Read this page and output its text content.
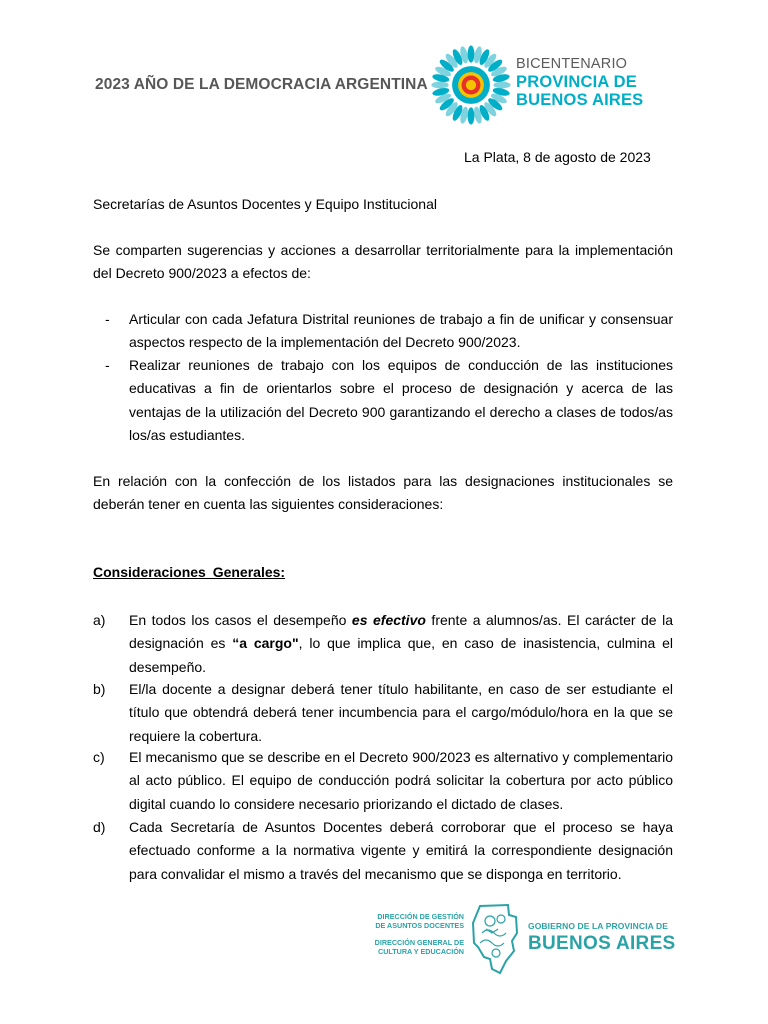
2023 AÑO DE LA DEMOCRACIA ARGENTINA
BICENTENARIO
PROVINCIA DE
BUENOS AIRES
La Plata, 8 de agosto de 2023
Secretarías de Asuntos Docentes y Equipo Institucional
Se comparten sugerencias y acciones a desarrollar territorialmente para la implementación del Decreto 900/2023 a efectos de:
- Articular con cada Jefatura Distrital reuniones de trabajo a fin de unificar y consensuar aspectos respecto de la implementación del Decreto 900/2023.
- Realizar reuniones de trabajo con los equipos de conducción de las instituciones educativas a fin de orientarlos sobre el proceso de designación y acerca de las ventajas de la utilización del Decreto 900 garantizando el derecho a clases de todos/as los/as estudiantes.
En relación con la confección de los listados para las designaciones institucionales se deberán tener en cuenta las siguientes consideraciones:
Consideraciones Generales:
a) En todos los casos el desempeño es efectivo frente a alumnos/as. El carácter de la designación es “a cargo", lo que implica que, en caso de inasistencia, culmina el desempeño.
b) El/la docente a designar deberá tener título habilitante, en caso de ser estudiante el título que obtendrá deberá tener incumbencia para el cargo/módulo/hora en la que se requiere la cobertura.
c) El mecanismo que se describe en el Decreto 900/2023 es alternativo y complementario al acto público. El equipo de conducción podrá solicitar la cobertura por acto público digital cuando lo considere necesario priorizando el dictado de clases.
d) Cada Secretaría de Asuntos Docentes deberá corroborar que el proceso se haya efectuado conforme a la normativa vigente y emitirá la correspondiente designación para convalidar el mismo a través del mecanismo que se disponga en territorio.
DIRECCIÓN DE GESTIÓN
DE ASUNTOS DOCENTES
DIRECCIÓN GENERAL DE
CULTURA Y EDUCACIÓN
GOBIERNO DE LA PROVINCIA DE
BUENOS AIRES
